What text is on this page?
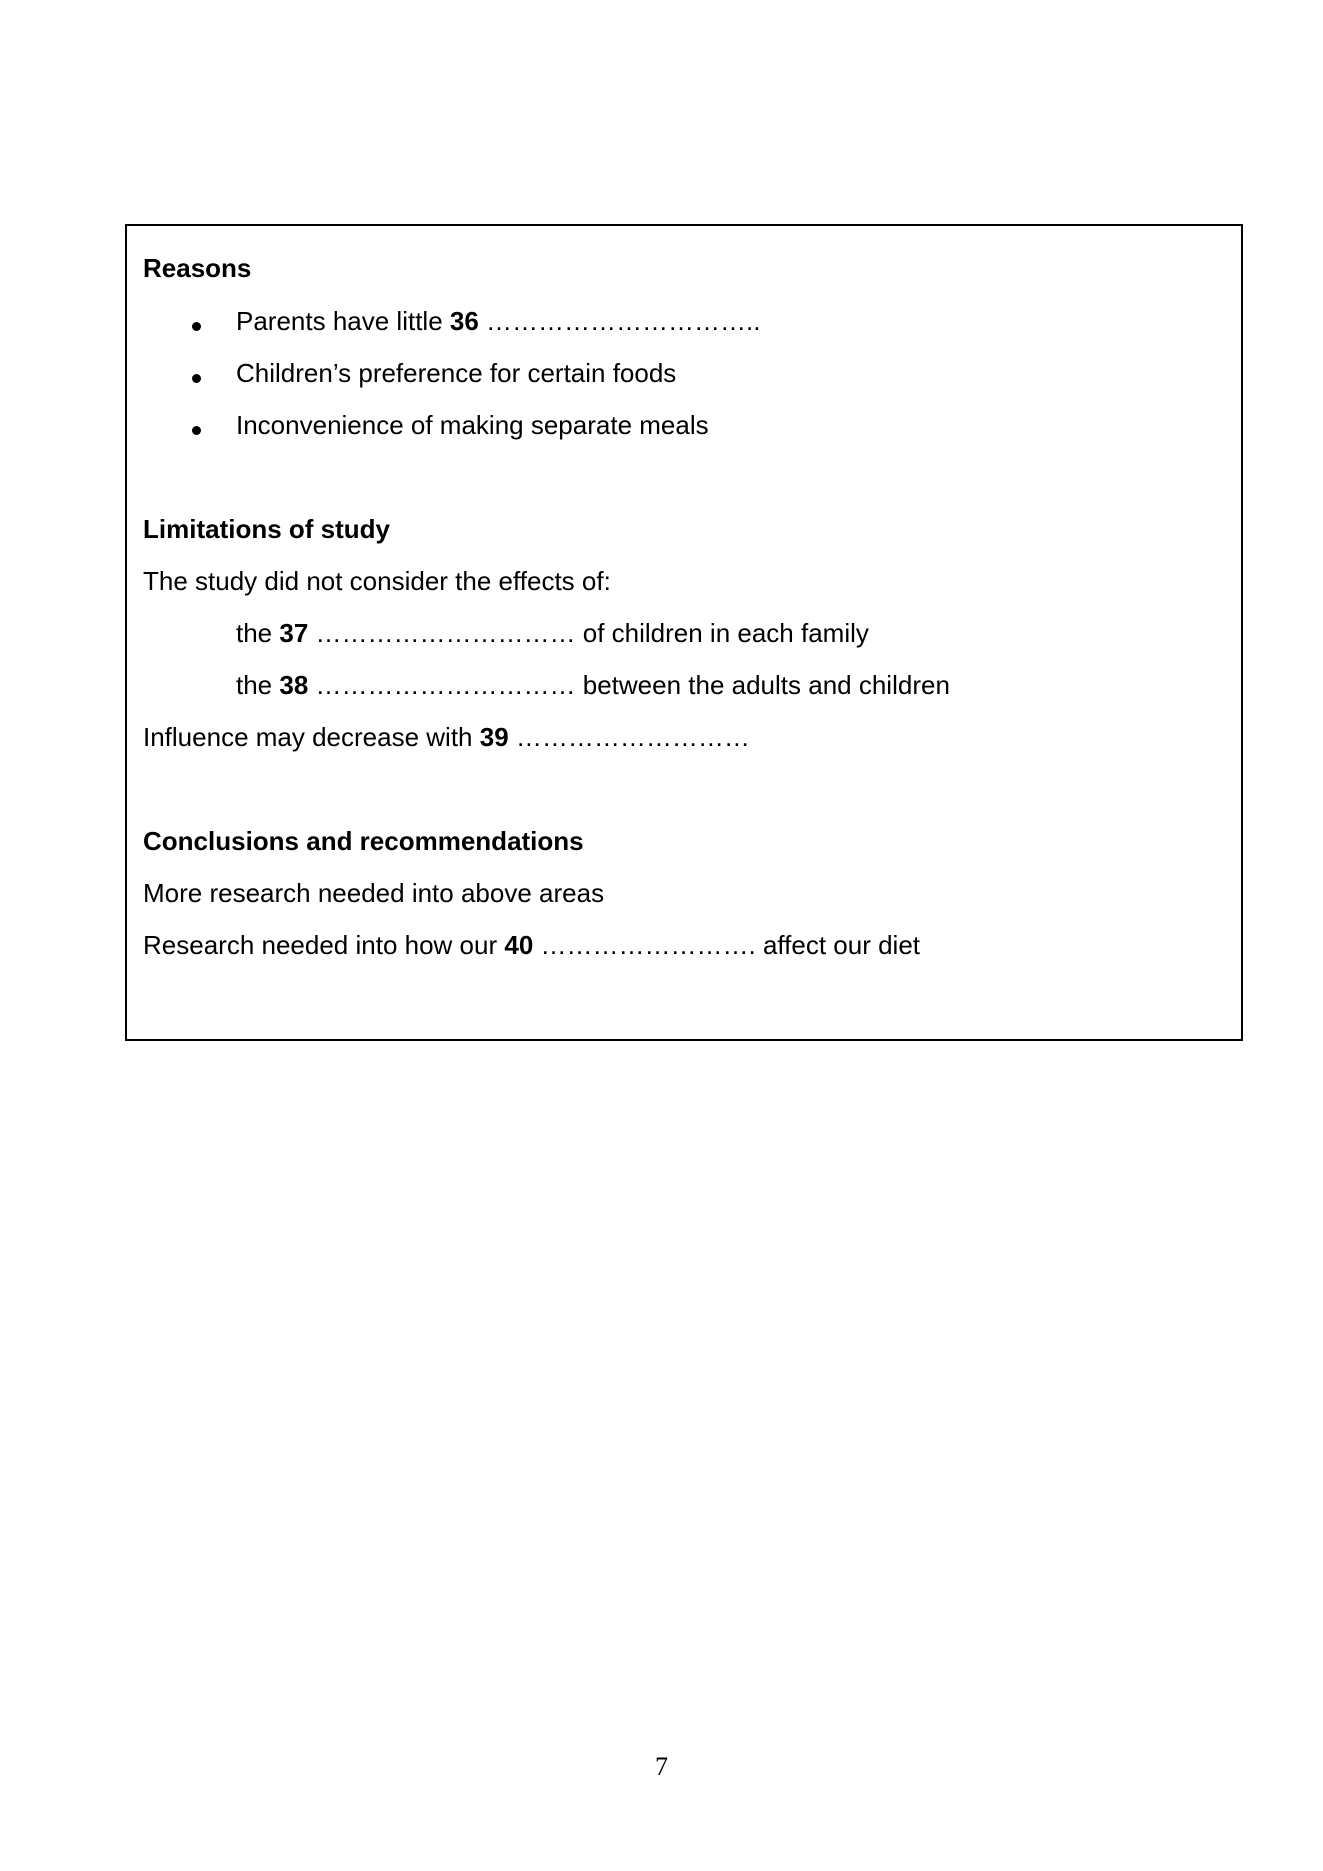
Reasons

Parents have little 36 …………………………..

Children’s preference for certain foods

Inconvenience of making separate meals

Limitations of study

The study did not consider the effects of:

the 37 ………………………… of children in each family

the 38 ………………………… between the adults and children

Influence may decrease with 39 ………………………

Conclusions and recommendations

More research needed into above areas

Research needed into how our 40 ……………………. affect our diet

7
